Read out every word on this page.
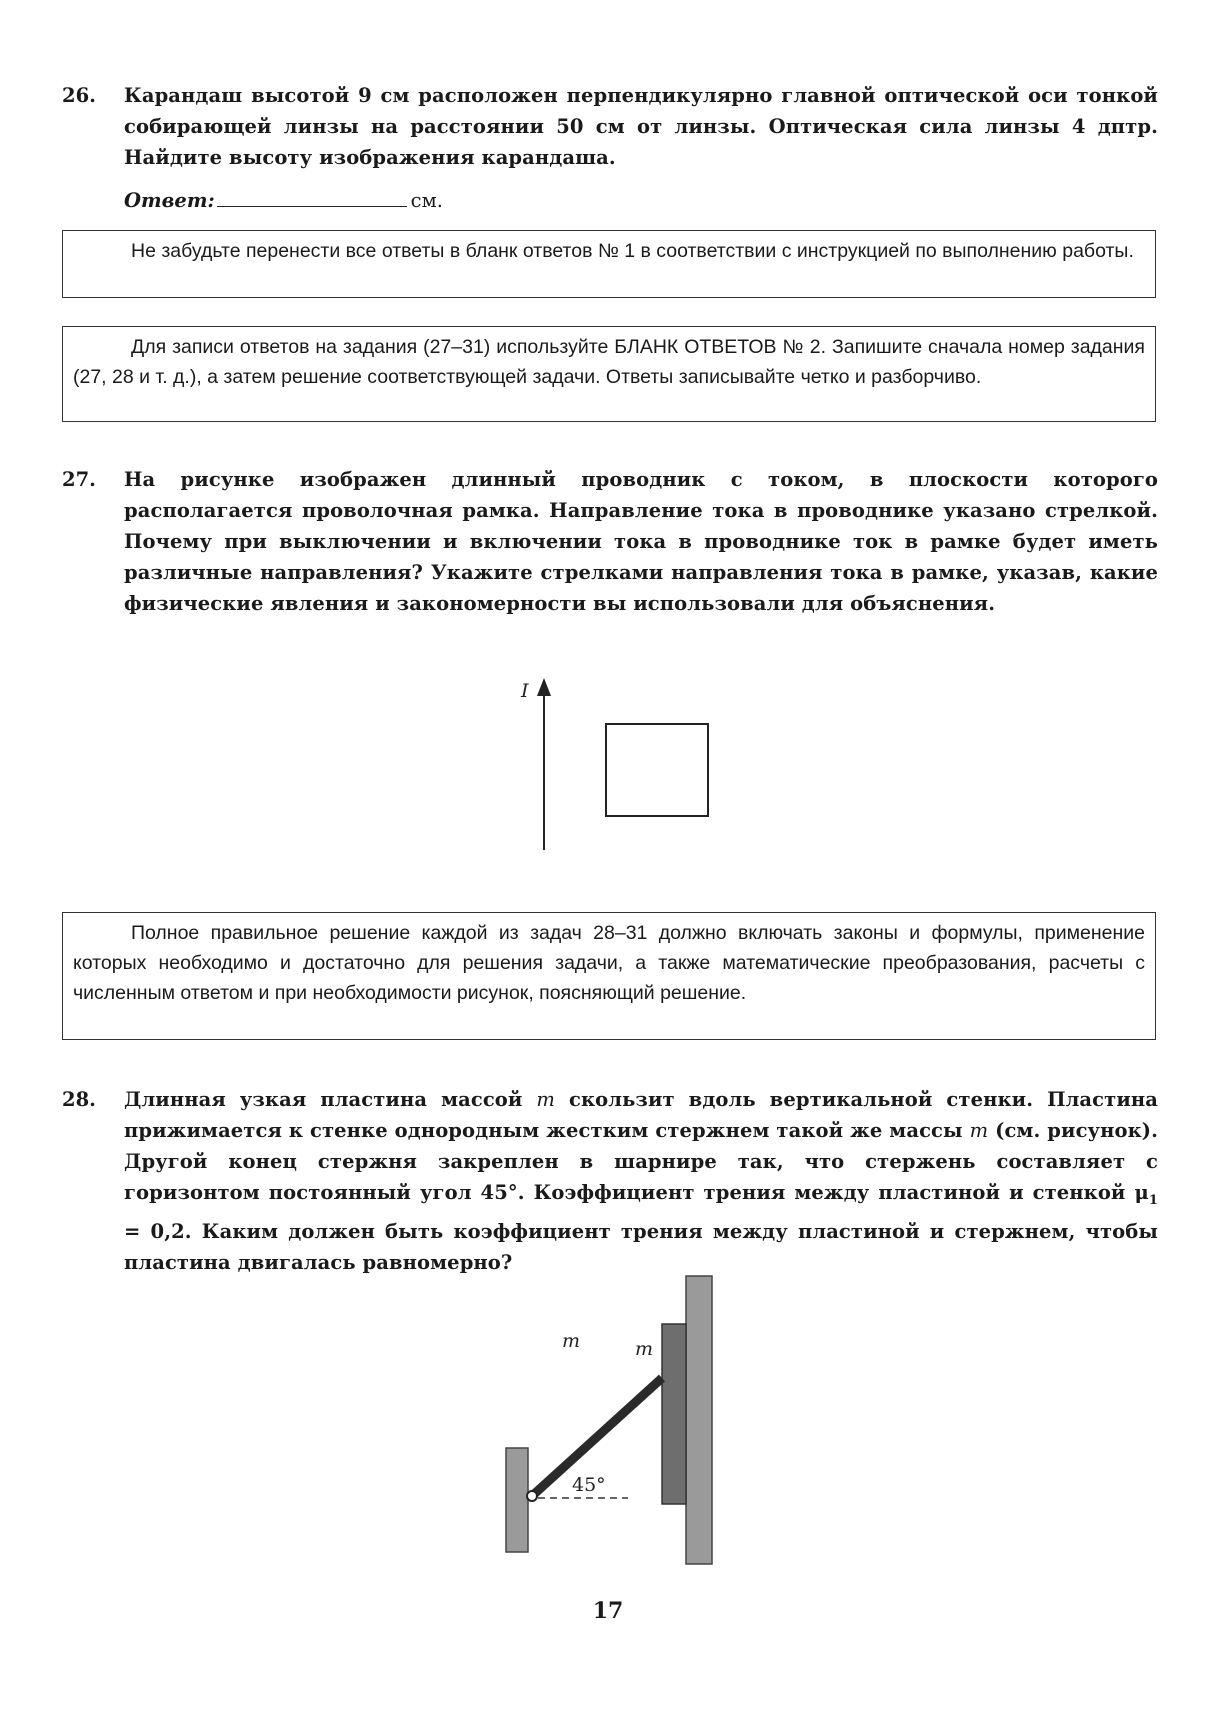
26. Карандаш высотой 9 см расположен перпендикулярно главной оптической оси тонкой собирающей линзы на расстоянии 50 см от линзы. Оптическая сила линзы 4 дптр. Найдите высоту изображения карандаша.
Ответ:	см.

Не забудьте перенести все ответы в бланк ответов № 1 в соответствии с инструкцией по выполнению работы.

Для записи ответов на задания (27–31) используйте БЛАНК ОТВЕТОВ № 2. Запишите сначала номер задания (27, 28 и т. д.), а затем решение соответствующей задачи. Ответы записывайте четко и разборчиво.

27. На рисунке изображен длинный проводник с током, в плоскости которого располагается проволочная рамка. Направление тока в проводнике указано стрелкой. Почему при выключении и включении тока в проводнике ток в рамке будет иметь различные направления? Укажите стрелками направления тока в рамке, указав, какие физические явления и закономерности вы использовали для объяснения.
I

Полное правильное решение каждой из задач 28–31 должно включать законы и формулы, применение которых необходимо и достаточно для решения задачи, а также математические преобразования, расчеты с численным ответом и при необходимости рисунок, поясняющий решение.

28. Длинная узкая пластина массой m скользит вдоль вертикальной стенки. Пластина прижимается к стенке однородным жестким стержнем такой же массы m (см. рисунок). Другой конец стержня закреплен в шарнире так, что стержень составляет с горизонтом постоянный угол 45°. Коэффициент трения между пластиной и стенкой $\mu_1 = 0,2$. Каким должен быть коэффициент трения между пластиной и стержнем, чтобы пластина двигалась равномерно?
m	m
45°
17
